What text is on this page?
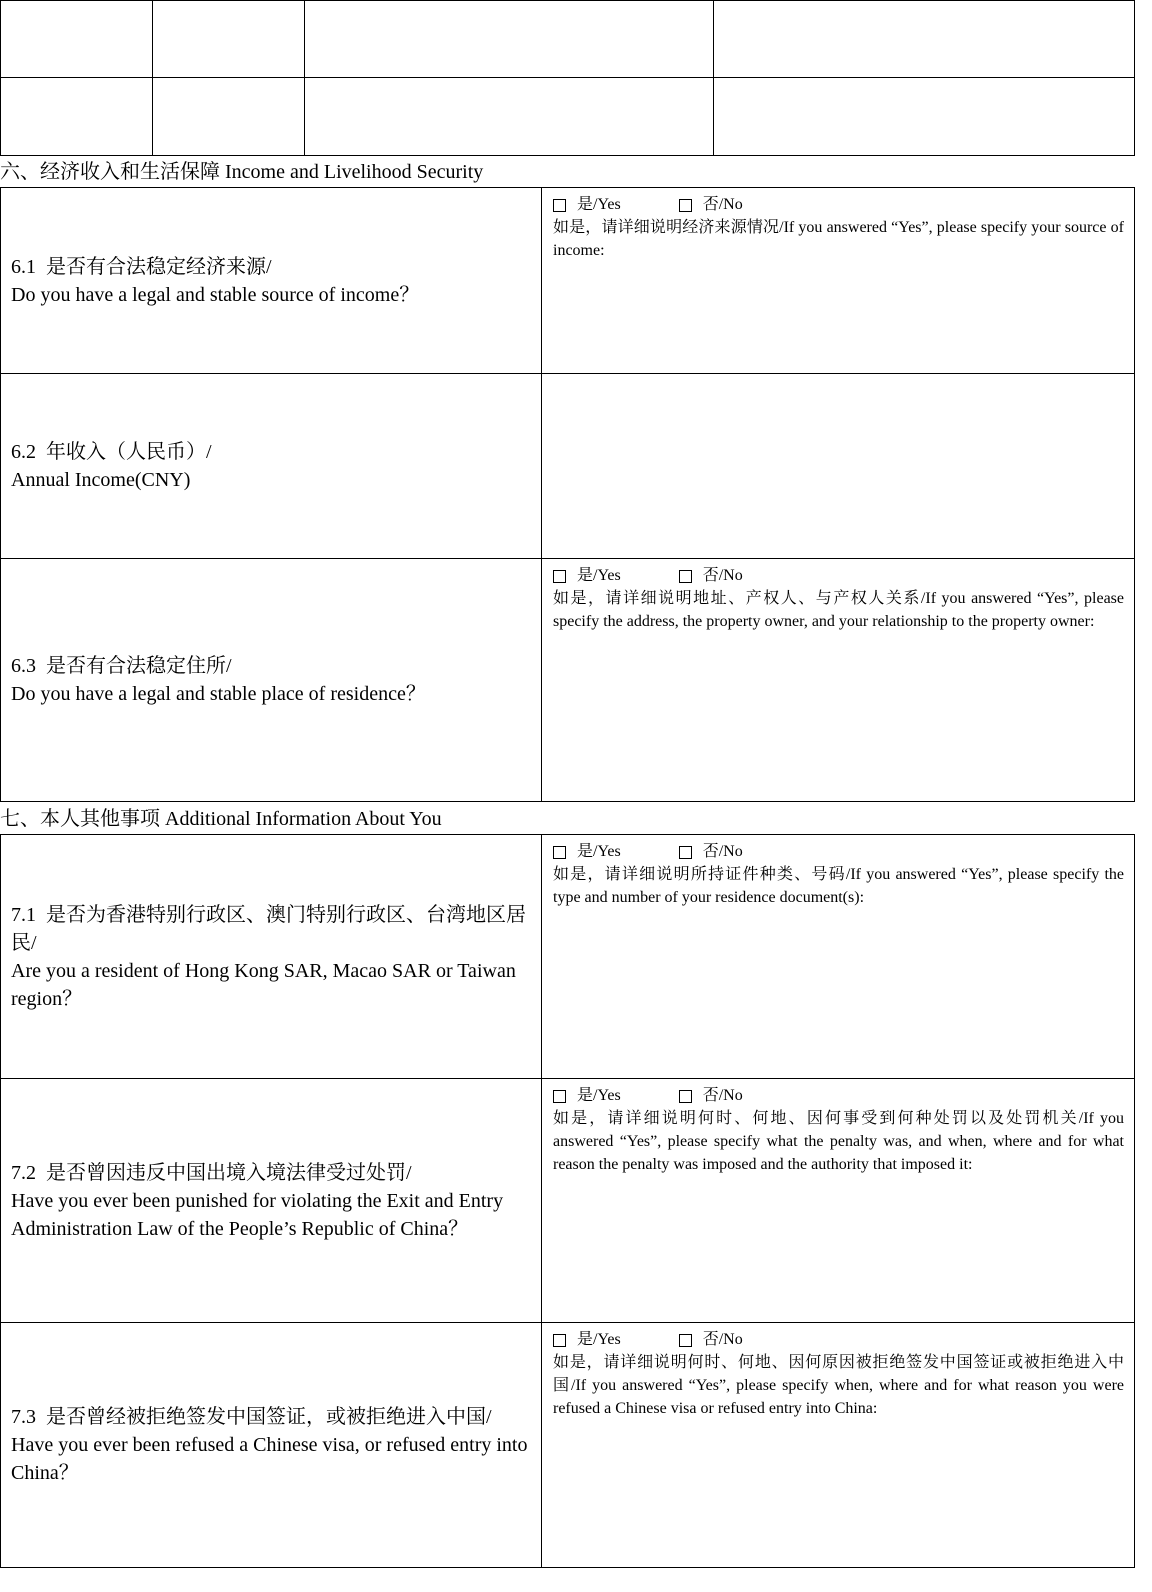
六、经济收入和生活保障 Income and Livelihood Security
6.1 是否有合法稳定经济来源/
Do you have a legal and stable source of income？
是/Yes	否/No
如是，请详细说明经济来源情况/If you answered “Yes”, please specify your source of income:
6.2 年收入（人民币）/
Annual Income(CNY)
6.3 是否有合法稳定住所/
Do you have a legal and stable place of residence？
是/Yes	否/No
如是，请详细说明地址、产权人、与产权人关系/If you answered “Yes”, please specify the address, the property owner, and your relationship to the property owner:
七、本人其他事项 Additional Information About You
7.1 是否为香港特别行政区、澳门特别行政区、台湾地区居民/
Are you a resident of Hong Kong SAR, Macao SAR or Taiwan region？
是/Yes	否/No
如是，请详细说明所持证件种类、号码/If you answered “Yes”, please specify the type and number of your residence document(s):
7.2 是否曾因违反中国出境入境法律受过处罚/
Have you ever been punished for violating the Exit and Entry Administration Law of the People’s Republic of China？
是/Yes	否/No
如是，请详细说明何时、何地、因何事受到何种处罚以及处罚机关/If you answered “Yes”, please specify what the penalty was, and when, where and for what reason the penalty was imposed and the authority that imposed it:
7.3 是否曾经被拒绝签发中国签证，或被拒绝进入中国/
Have you ever been refused a Chinese visa, or refused entry into China？
是/Yes	否/No
如是，请详细说明何时、何地、因何原因被拒绝签发中国签证或被拒绝进入中国/If you answered “Yes”, please specify when, where and for what reason you were refused a Chinese visa or refused entry into China:
